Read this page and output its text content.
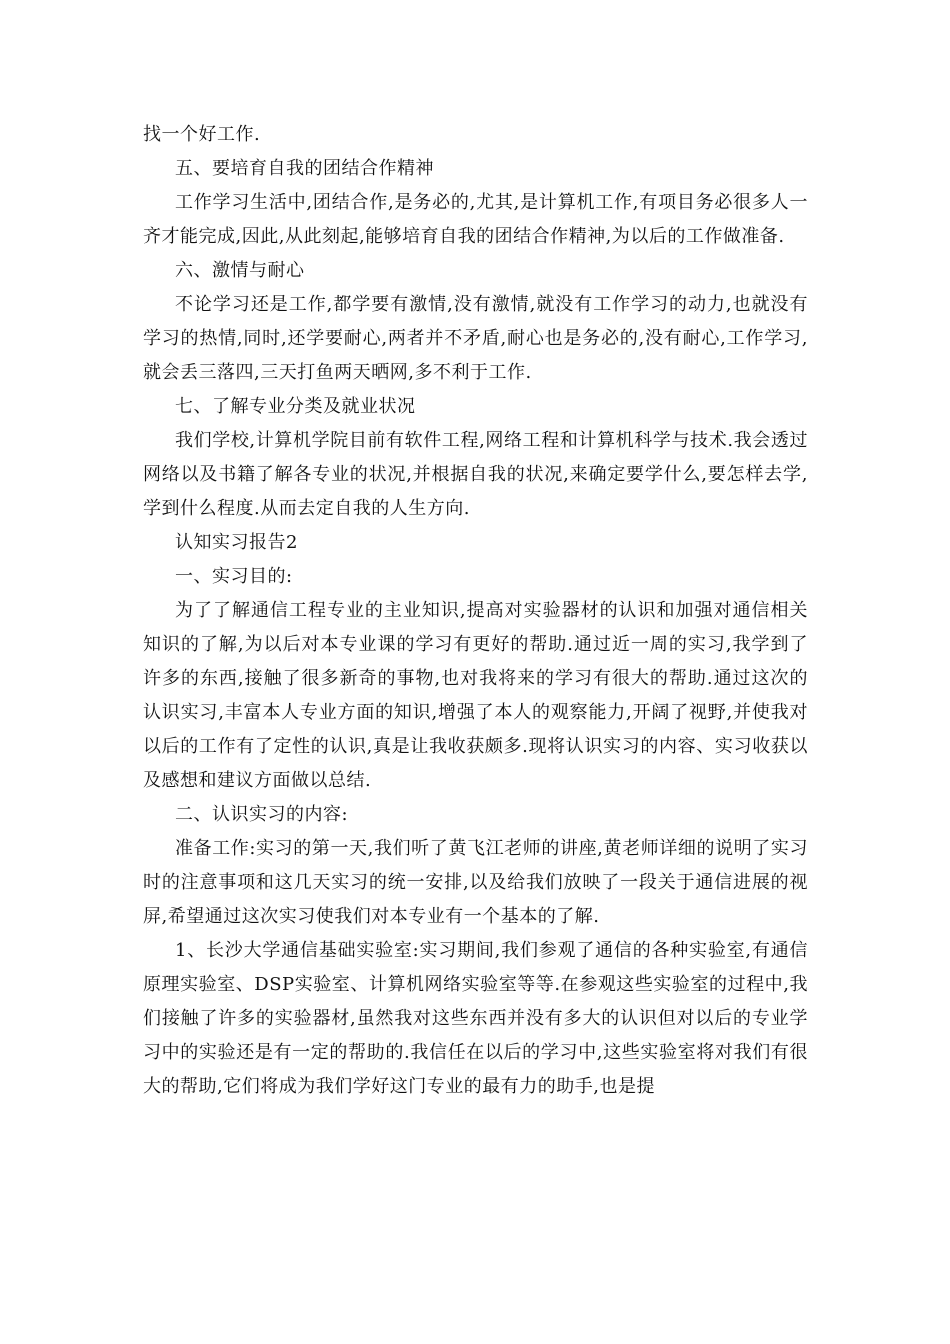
找一个好工作.

五、要培育自我的团结合作精神

工作学习生活中,团结合作,是务必的,尤其,是计算机工作,有项目务必很多人一齐才能完成,因此,从此刻起,能够培育自我的团结合作精神,为以后的工作做准备.

六、激情与耐心

不论学习还是工作,都学要有激情,没有激情,就没有工作学习的动力,也就没有学习的热情,同时,还学要耐心,两者并不矛盾,耐心也是务必的,没有耐心,工作学习,就会丢三落四,三天打鱼两天晒网,多不利于工作.

七、了解专业分类及就业状况

我们学校,计算机学院目前有软件工程,网络工程和计算机科学与技术.我会透过网络以及书籍了解各专业的状况,并根据自我的状况,来确定要学什么,要怎样去学,学到什么程度.从而去定自我的人生方向.

认知实习报告2

一、实习目的:

为了了解通信工程专业的主业知识,提高对实验器材的认识和加强对通信相关知识的了解,为以后对本专业课的学习有更好的帮助.通过近一周的实习,我学到了许多的东西,接触了很多新奇的事物,也对我将来的学习有很大的帮助.通过这次的认识实习,丰富本人专业方面的知识,增强了本人的观察能力,开阔了视野,并使我对以后的工作有了定性的认识,真是让我收获颇多.现将认识实习的内容、实习收获以及感想和建议方面做以总结.

二、认识实习的内容:

准备工作:实习的第一天,我们听了黄飞江老师的讲座,黄老师详细的说明了实习时的注意事项和这几天实习的统一安排,以及给我们放映了一段关于通信进展的视屏,希望通过这次实习使我们对本专业有一个基本的了解.

1、长沙大学通信基础实验室:实习期间,我们参观了通信的各种实验室,有通信原理实验室、DSP实验室、计算机网络实验室等等.在参观这些实验室的过程中,我们接触了许多的实验器材,虽然我对这些东西并没有多大的认识但对以后的专业学习中的实验还是有一定的帮助的.我信任在以后的学习中,这些实验室将对我们有很大的帮助,它们将成为我们学好这门专业的最有力的助手,也是提
